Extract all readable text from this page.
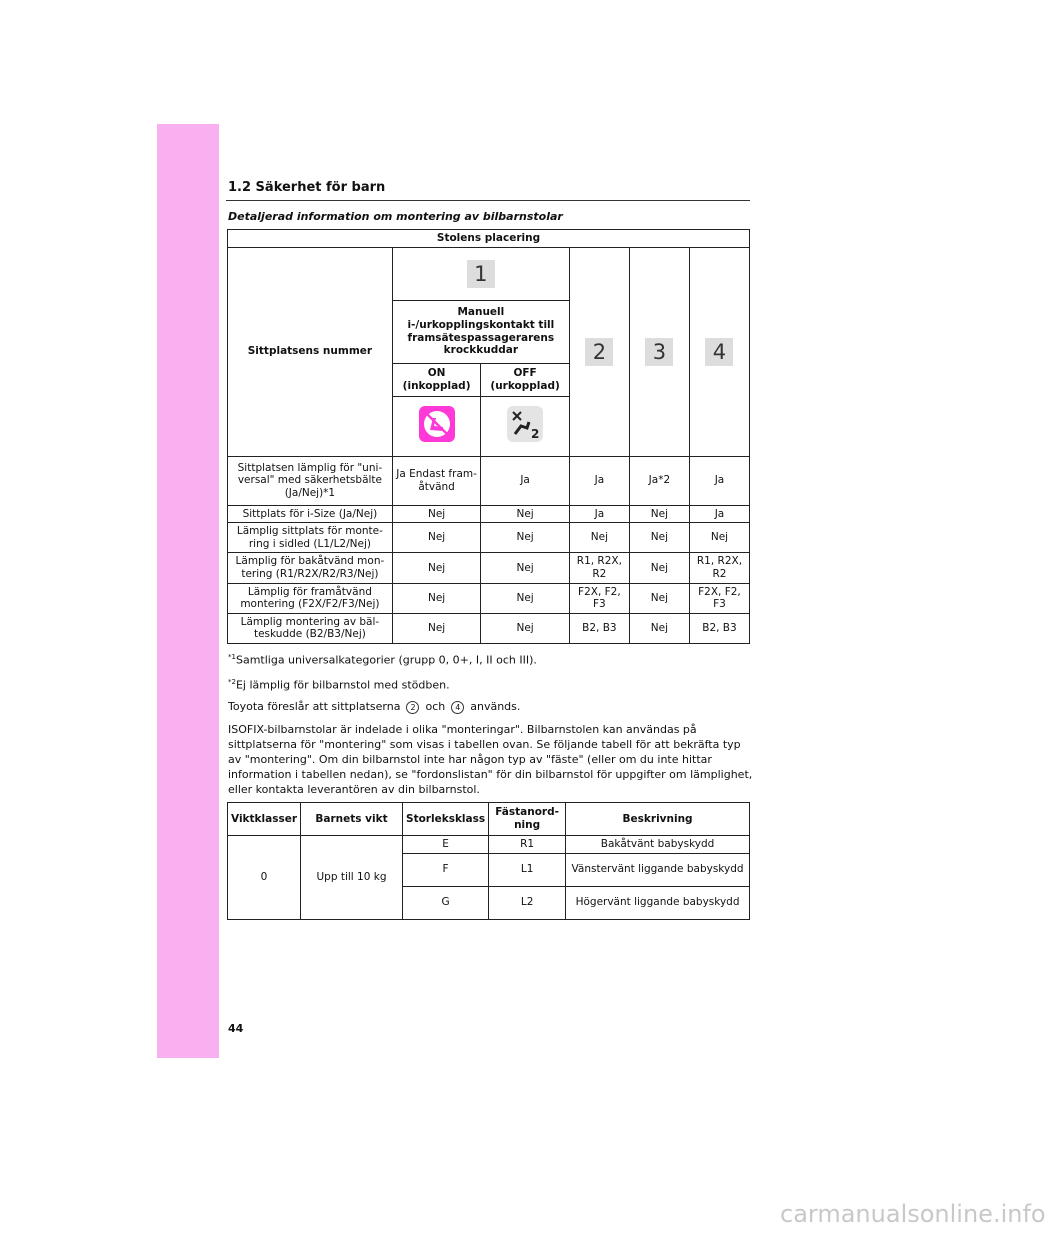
1.2 Säkerhet för barn
Detaljerad information om montering av bilbarnstolar
Stolens placering					
Sittplatsens nummer	1		2	3	4
	Manuell i-/urkopplingskontakt till framsätespassagerarens krockkuddar				
	ON (inkopplad)	OFF (urkopplad)			

2			

Sittplatsen lämplig för "uni-versal" med säkerhetsbälte (Ja/Nej)*1	Ja Endast fram-åtvänd	Ja	Ja	Ja*2	Ja
Sittplats för i-Size (Ja/Nej)	Nej	Nej	Ja	Nej	Ja
Lämplig sittplats för monte-ring i sidled (L1/L2/Nej)	Nej	Nej	Nej	Nej	Nej
Lämplig för bakåtvänd mon-tering (R1/R2X/R2/R3/Nej)	Nej	Nej	R1, R2X, R2	Nej	R1, R2X, R2
Lämplig för framåtvänd montering (F2X/F2/F3/Nej)	Nej	Nej	F2X, F2, F3	Nej	F2X, F2, F3
Lämplig montering av bäl-teskudde (B2/B3/Nej)	Nej	Nej	B2, B3	Nej	B2, B3
$^{*1}$Samtliga universalkategorier (grupp 0, 0+, I, II och III).
$^{*2}$Ej lämplig för bilbarnstol med stödben.
Toyota föreslår att sittplatserna 2 och 4 används.
ISOFIX-bilbarnstolar är indelade i olika "monteringar". Bilbarnstolen kan användas på sittplatserna för "montering" som visas i tabellen ovan. Se följande tabell för att bekräfta typ av "montering". Om din bilbarnstol inte har någon typ av "fäste" (eller om du inte hittar information i tabellen nedan), se "fordonslistan" för din bilbarnstol för uppgifter om lämplighet, eller kontakta leverantören av din bilbarnstol.
Viktklasser	Barnets vikt	Storleksklass	Fästanord-ning	Beskrivning
0	Upp till 10 kg	E	R1	Bakåtvänt babyskydd
		F	L1	Vänstervänt liggande babyskydd
		G	L2	Högervänt liggande babyskydd
44
carmanualsonline.info
